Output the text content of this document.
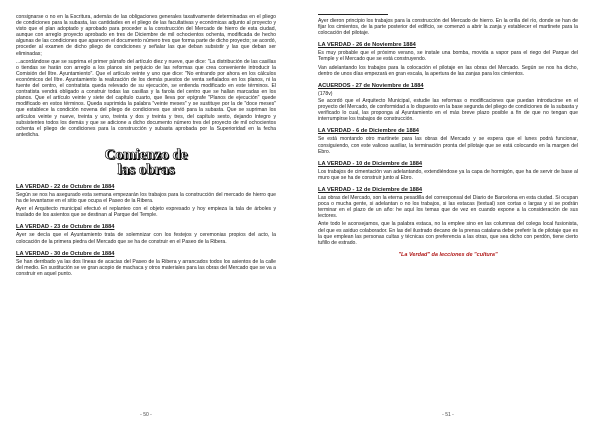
consignarse o no en la Escritura, además de las obligaciones generales taxativamente determinadas en el pliego de condiciones para la subasta, las cantidades en el pliego de las facultativas y económicas adjunto al proyecto y visto que el plan adoptado y aprobado para proceder a la construcción del Mercado de hierro de esta ciudad, aunque con arreglo proyecto aprobado en tres de Diciembre de mil ochocientos ochenta, modificada de hecho algunas de las condiciones que aparecen el documento número tres que forma parte de dicho proyecto; se acordó, proceder al examen de dicho pliego de condiciones y señalar las que deban subsistir y las que deban ser eliminadas;

...acordándose que se suprima el primer párrafo del artículo diez y nueve, que dice: "La distribución de las casillas o tiendas se harán con arreglo a los planos sin perjuicio de las reformas que crea conveniente introducir la Comisión del Iltre. Ayuntamiento". Que el artículo veinte y uno que dice: "No entrando por ahora en los cálculos económicos del Iltre. Ayuntamiento la realización de los demás puestos de venta señalados en los planos, ni la fuente del centro, el contratista queda relevado de su ejecución, se entienda modificado en este términos. El contratista vendrá obligado a construir todas las casillas y la farola del centro que se hallan marcadas en los planos. Que el artículo veinte y siete del capítulo cuarto, que lleva por epígrafe "Planos de ejecución" quede modificado en estos términos. Queda suprimida la palabra "veinte meses" y se sustituye por la de "doce meses" que establece la condición novena del pliego de condiciones que sirvió para la subasta. Que se supriman los artículos veinte y nueve, treinta y uno, treinta y dos y treinta y tres, del capítulo sexto, dejando íntegro y subsistentes todos los demás y que se adicione a dicho documento número tres del proyecto de mil ochocientos ochenta el pliego de condiciones para la construcción y subasta aprobada por la Superioridad en la fecha antedicha.

Comienzo de
las obras
LA VERDAD - 22 de Octubre de 1884

Según se nos ha asegurado esta semana empezarán los trabajos para la construcción del mercado de hierro que ha de levantarse en el sitio que ocupa el Paseo de la Ribera.

Ayer el Arquitecto municipal efectuó el replanteo con el objeto expresado y hoy empieza la tala de árboles y traslado de los asientos que se destinan al Parque del Temple.

LA VERDAD - 23 de Octubre de 1884

Ayer se decía que el Ayuntamiento trata de solemnizar con los festejos y ceremonias propios del acto, la colocación de la primera piedra del Mercado que se ha de construir en el Paseo de la Ribera.

LA VERDAD - 30 de Octubre de 1884

Se han derribado ya las dos líneas de acacias del Paseo de la Ribera y arrancados todos los asientos de la calle del medio. En sustitución se ve gran acopio de machaca y otros materiales para las obras del Mercado que se va a construir en aquel punto.

- 50 -

Ayer dieron principio los trabajos para la construcción del Mercado de hierro. En la orilla del río, donde se han de fijar los cimientos, de la parte posterior del edificio, se comenzó a abrir la zanja y establecer el martinete para la colocación del pilotaje.

LA VERDAD - 26 de Noviembre 1884

Es muy probable que el próximo verano, se instale una bomba, movida a vapor para el riego del Parque del Temple y el Mercado que se está construyendo.

Van adelantando los trabajos para la colocación el pilotaje en las obras del Mercado. Según se nos ha dicho, dentro de unos días empezará en gran escala, la apertura de las zanjas para los cimientos.

ACUERDOS - 27 de Noviembre de 1884
(178v)

Se acordó que el Arquitecto Municipal, estudie las reformas o modificaciones que puedan introducirse en el proyecto del Mercado, de conformidad a lo dispuesto en la base segunda del pliego de condiciones de la subasta y verificado lo cual, las proponga al Ayuntamiento en el más breve plazo posible a fin de que no tengan que interrumpirse los trabajos de construcción.

LA VERDAD - 6 de Diciembre de 1884

Se está montando otro martinete para las obras del Mercado y se espera que el lunes podrá funcionar, consiguiendo, con este valioso auxiliar, la terminación pronta del pilotaje que se está colocando en la margen del Ebro.

LA VERDAD - 10 de Diciembre de 1884

Los trabajos de cimentación van adelantando, extendiéndose ya la capa de hormigón, que ha de servir de base al muro que se ha de construir junto al Ebro.

LA VERDAD - 12 de Diciembre de 1884

Las obras del Mercado, son la eterna pesadilla del corresponsal del Diario de Barcelona en esta ciudad. Si ocupan poca o mucha gente, si adelantan o no los trabajos, si las estacas (textual) son cortas o largas y si se podrán terminar en el plazo de un año: he aquí los temas que de vez en cuando expone a la consideración de sus lectores.

Ante todo le aconsejamos, que la palabra estaca, no la emplee sino en las columnas del colega local fusionista, del que es asiduo colaborador. En las del ilustrado decano de la prensa catalana debe preferir la de pilotaje que es la que emplean las personas cultas y técnicas con preferencia a las otras, que sea dicho con perdón, tiene cierto tufillo de estrado.

"La Verdad" da lecciones de "cultura"
- 51 -
